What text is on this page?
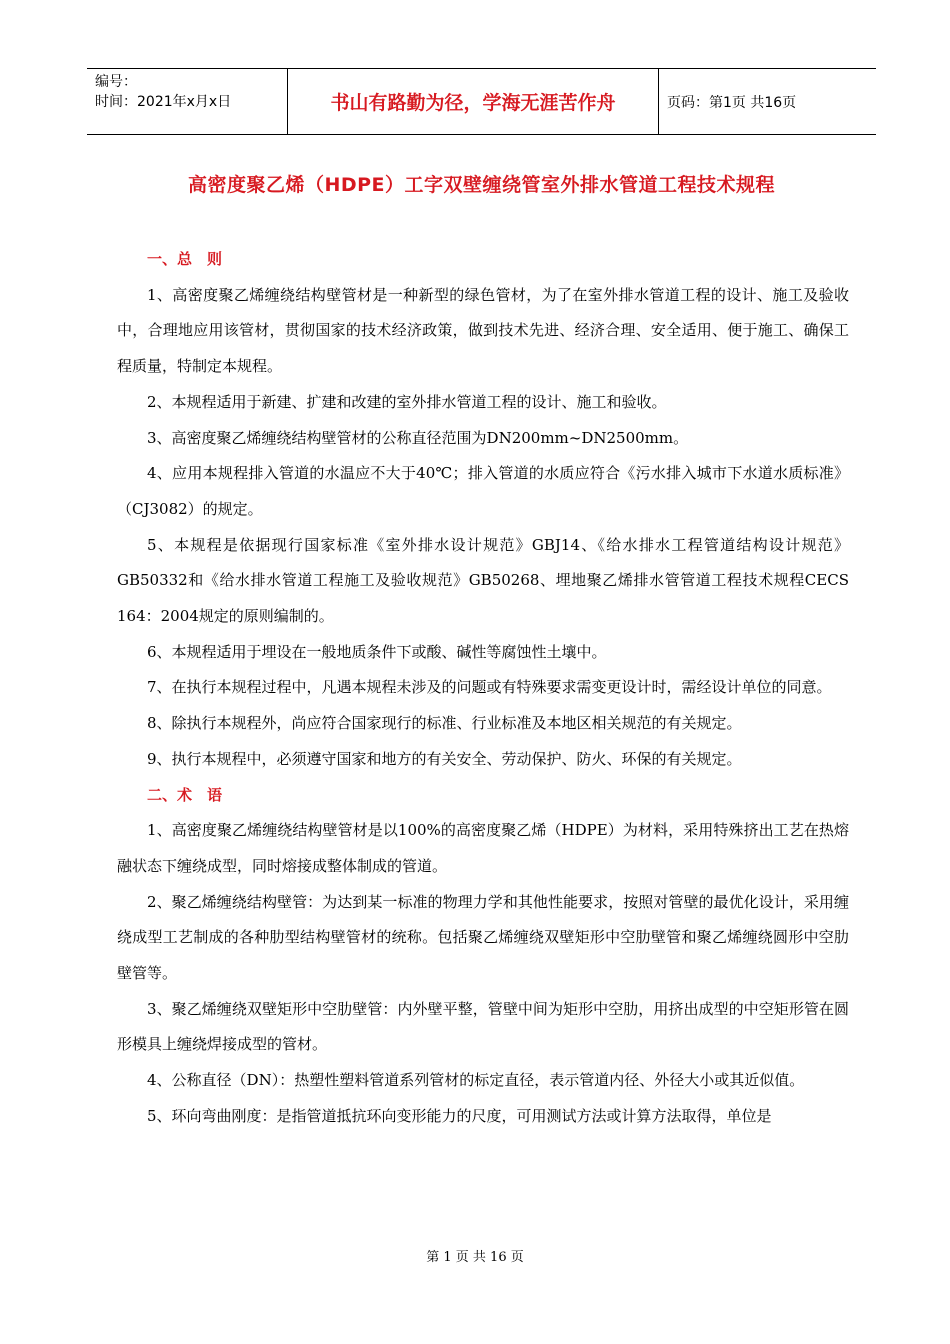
编号：
时间：2021年x月x日	书山有路勤为径，学海无涯苦作舟	页码：第1页 共16页
高密度聚乙烯（HDPE）工字双壁缠绕管室外排水管道工程技术规程

一、总　则

1、高密度聚乙烯缠绕结构壁管材是一种新型的绿色管材，为了在室外排水管道工程的设计、施工及验收中，合理地应用该管材，贯彻国家的技术经济政策，做到技术先进、经济合理、安全适用、便于施工、确保工程质量，特制定本规程。

2、本规程适用于新建、扩建和改建的室外排水管道工程的设计、施工和验收。

3、高密度聚乙烯缠绕结构壁管材的公称直径范围为DN200mm~DN2500mm。

4、应用本规程排入管道的水温应不大于40℃；排入管道的水质应符合《污水排入城市下水道水质标准》（CJ3082）的规定。

5、本规程是依据现行国家标准《室外排水设计规范》GBJ14、《给水排水工程管道结构设计规范》GB50332和《给水排水管道工程施工及验收规范》GB50268、埋地聚乙烯排水管管道工程技术规程CECS 164：2004规定的原则编制的。

6、本规程适用于埋设在一般地质条件下或酸、碱性等腐蚀性土壤中。

7、在执行本规程过程中，凡遇本规程未涉及的问题或有特殊要求需变更设计时，需经设计单位的同意。

8、除执行本规程外，尚应符合国家现行的标准、行业标准及本地区相关规范的有关规定。

9、执行本规程中，必须遵守国家和地方的有关安全、劳动保护、防火、环保的有关规定。

二、术　语

1、高密度聚乙烯缠绕结构壁管材是以100%的高密度聚乙烯（HDPE）为材料，采用特殊挤出工艺在热熔融状态下缠绕成型，同时熔接成整体制成的管道。

2、聚乙烯缠绕结构壁管：为达到某一标准的物理力学和其他性能要求，按照对管壁的最优化设计，采用缠绕成型工艺制成的各种肋型结构壁管材的统称。包括聚乙烯缠绕双壁矩形中空肋壁管和聚乙烯缠绕圆形中空肋壁管等。

3、聚乙烯缠绕双壁矩形中空肋壁管：内外壁平整，管壁中间为矩形中空肋，用挤出成型的中空矩形管在圆形模具上缠绕焊接成型的管材。

4、公称直径（DN）：热塑性塑料管道系列管材的标定直径，表示管道内径、外径大小或其近似值。

5、环向弯曲刚度：是指管道抵抗环向变形能力的尺度，可用测试方法或计算方法取得，单位是

第 1 页 共 16 页
